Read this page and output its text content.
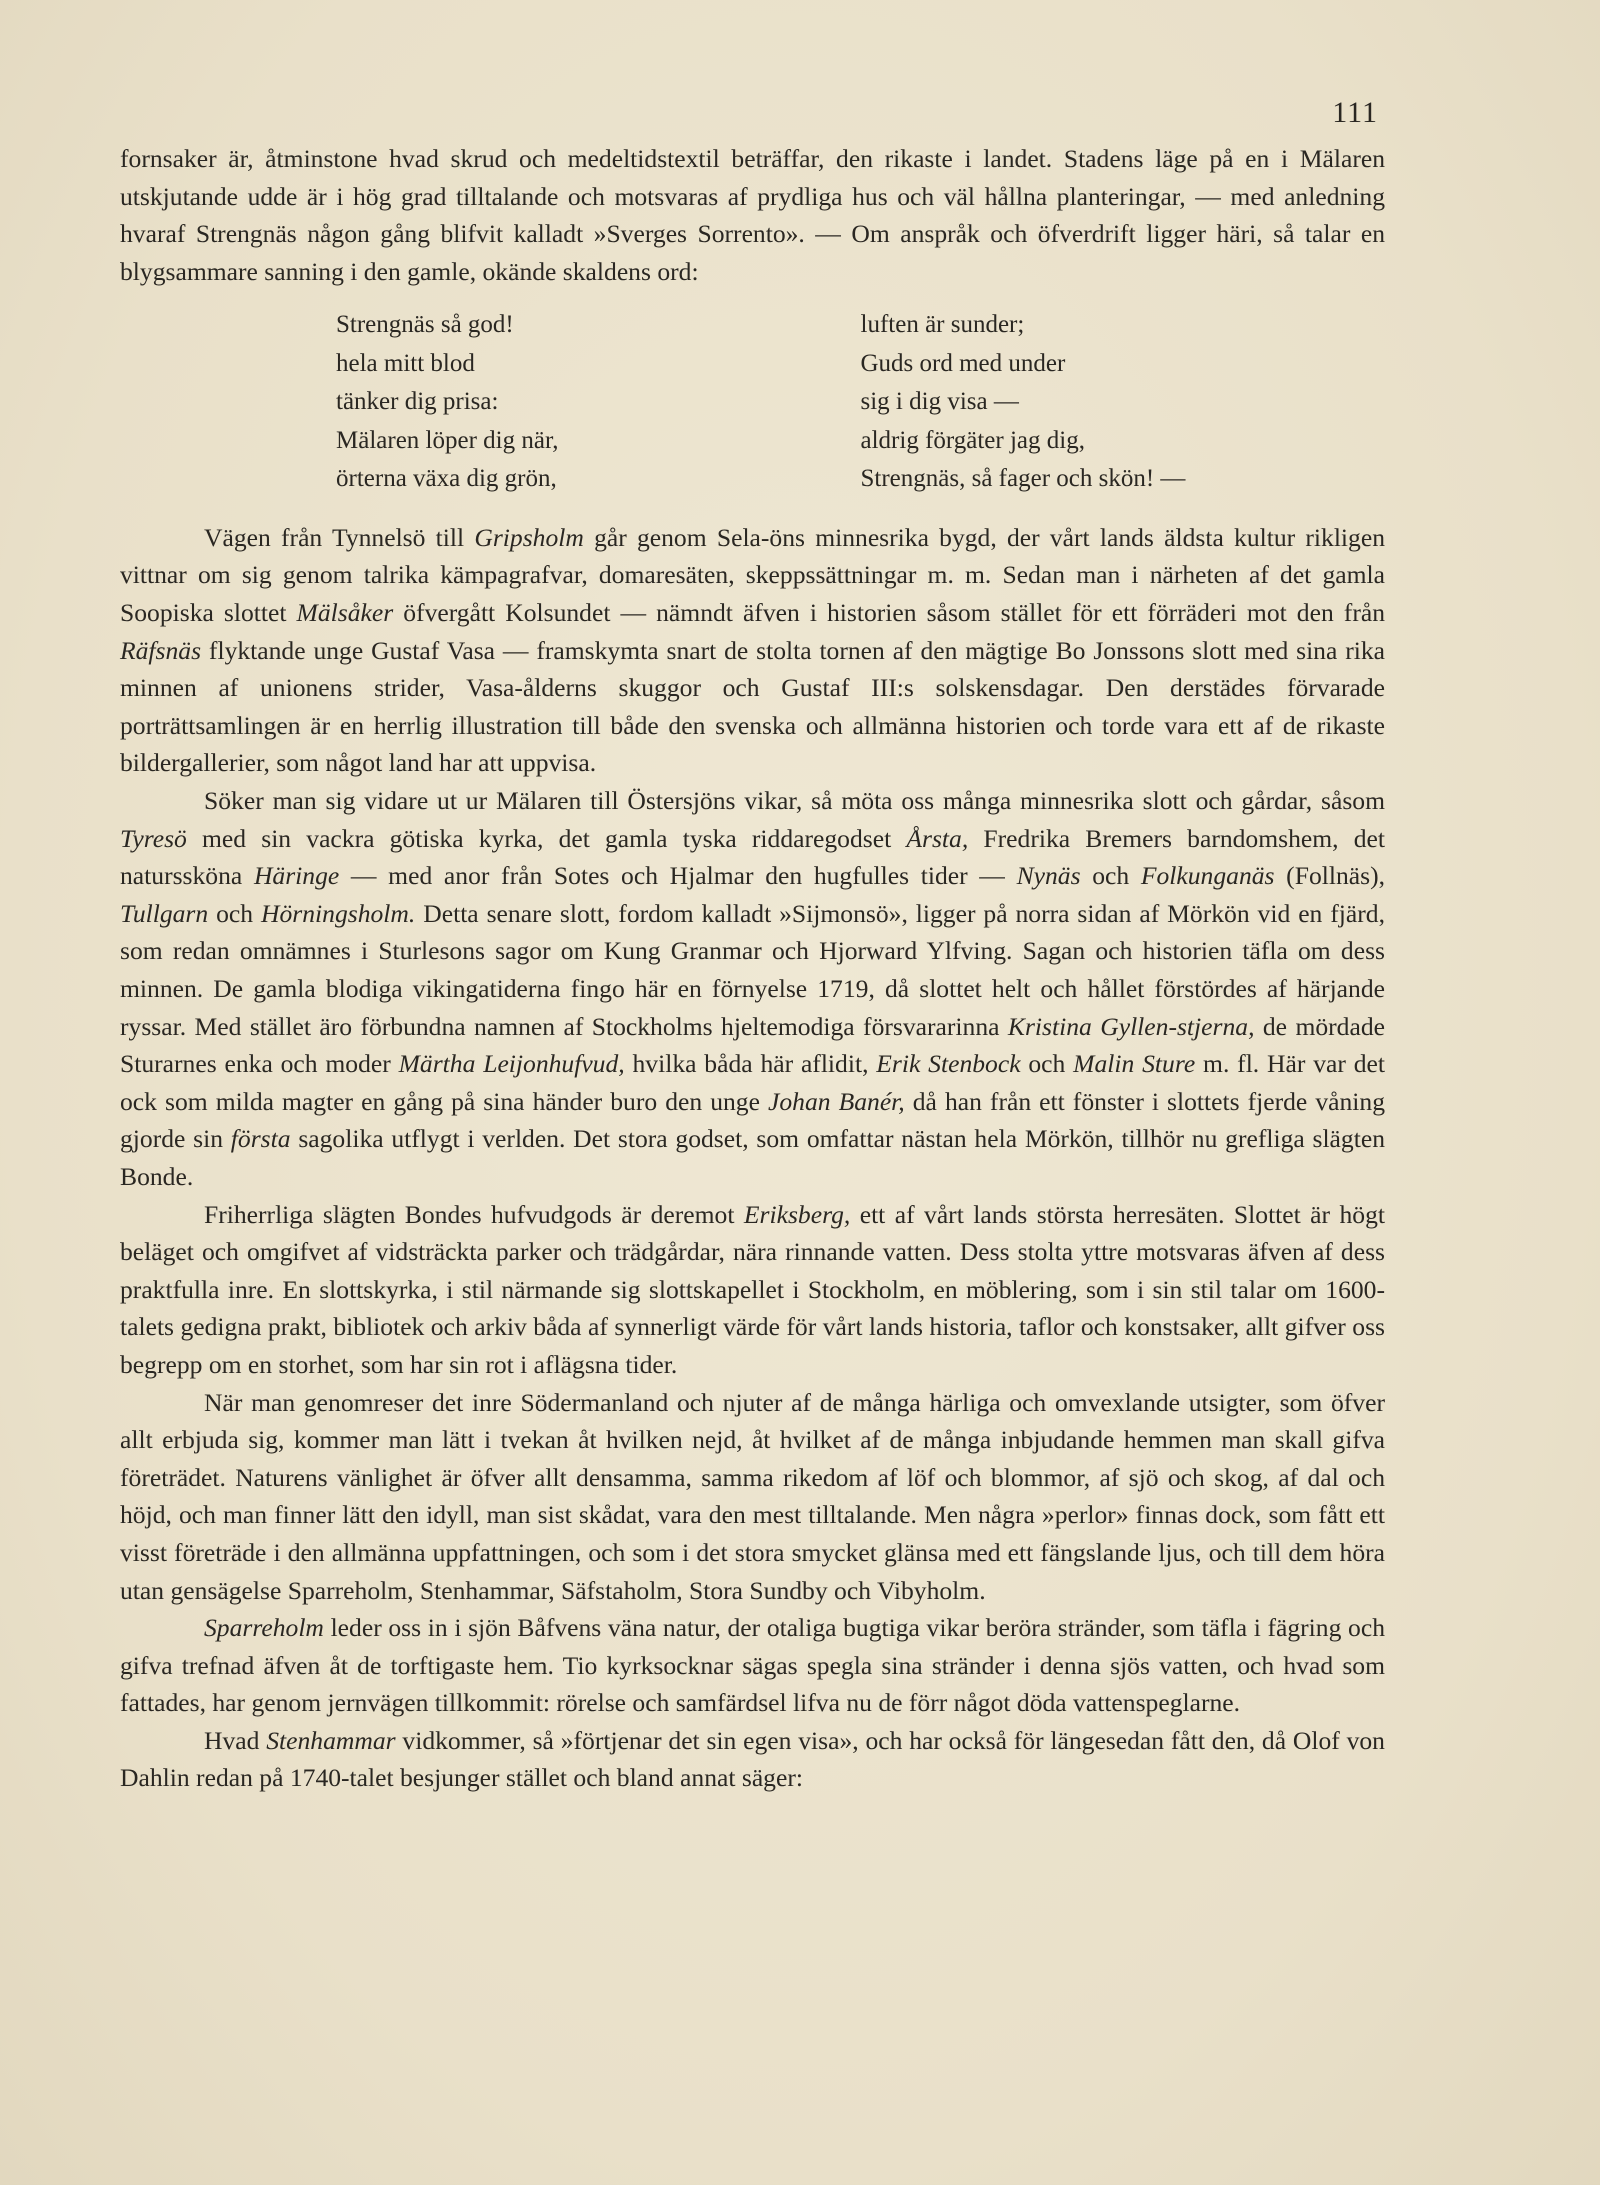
111

fornsaker är, åtminstone hvad skrud och medeltidstextil beträffar, den rikaste i landet. Stadens läge på en i Mälaren utskjutande udde är i hög grad tilltalande och motsvaras af prydliga hus och väl hållna planteringar, — med anledning hvaraf Strengnäs någon gång blifvit kalladt »Sverges Sorrento». — Om anspråk och öfverdrift ligger häri, så talar en blygsammare sanning i den gamle, okände skaldens ord:

Strengnäs så god!
hela mitt blod
tänker dig prisa:
Mälaren löper dig när,
örterna växa dig grön,
luften är sunder;
Guds ord med under
sig i dig visa —
aldrig förgäter jag dig,
Strengnäs, så fager och skön! —

Vägen från Tynnelsö till Gripsholm går genom Sela-öns minnesrika bygd, der vårt lands äldsta kultur rikligen vittnar om sig genom talrika kämpagrafvar, domaresäten, skeppssättningar m. m. Sedan man i närheten af det gamla Soopiska slottet Mälsåker öfvergått Kolsundet — nämndt äfven i historien såsom stället för ett förräderi mot den från Räfsnäs flyktande unge Gustaf Vasa — framskymta snart de stolta tornen af den mägtige Bo Jonssons slott med sina rika minnen af unionens strider, Vasa-ålderns skuggor och Gustaf III:s solskensdagar. Den derstädes förvarade porträttsamlingen är en herrlig illustration till både den svenska och allmänna historien och torde vara ett af de rikaste bildergallerier, som något land har att uppvisa.

Söker man sig vidare ut ur Mälaren till Östersjöns vikar, så möta oss många minnesrika slott och gårdar, såsom Tyresö med sin vackra götiska kyrka, det gamla tyska riddaregodset Årsta, Fredrika Bremers barndomshem, det naturssköna Häringe — med anor från Sotes och Hjalmar den hugfulles tider — Nynäs och Folkunganäs (Follnäs), Tullgarn och Hörningsholm. Detta senare slott, fordom kalladt »Sijmonsö», ligger på norra sidan af Mörkön vid en fjärd, som redan omnämnes i Sturlesons sagor om Kung Granmar och Hjorward Ylfving. Sagan och historien täfla om dess minnen. De gamla blodiga vikingatiderna fingo här en förnyelse 1719, då slottet helt och hållet förstördes af härjande ryssar. Med stället äro förbundna namnen af Stockholms hjeltemodiga försvararinna Kristina Gyllen-stjerna, de mördade Sturarnes enka och moder Märtha Leijonhufvud, hvilka båda här aflidit, Erik Stenbock och Malin Sture m. fl. Här var det ock som milda magter en gång på sina händer buro den unge Johan Banér, då han från ett fönster i slottets fjerde våning gjorde sin första sagolika utflygt i verlden. Det stora godset, som omfattar nästan hela Mörkön, tillhör nu grefliga slägten Bonde.

Friherrliga slägten Bondes hufvudgods är deremot Eriksberg, ett af vårt lands största herresäten. Slottet är högt beläget och omgifvet af vidsträckta parker och trädgårdar, nära rinnande vatten. Dess stolta yttre motsvaras äfven af dess praktfulla inre. En slottskyrka, i stil närmande sig slottskapellet i Stockholm, en möblering, som i sin stil talar om 1600-talets gedigna prakt, bibliotek och arkiv båda af synnerligt värde för vårt lands historia, taflor och konstsaker, allt gifver oss begrepp om en storhet, som har sin rot i aflägsna tider.

När man genomreser det inre Södermanland och njuter af de många härliga och omvexlande utsigter, som öfver allt erbjuda sig, kommer man lätt i tvekan åt hvilken nejd, åt hvilket af de många inbjudande hemmen man skall gifva företrädet. Naturens vänlighet är öfver allt densamma, samma rikedom af löf och blommor, af sjö och skog, af dal och höjd, och man finner lätt den idyll, man sist skådat, vara den mest tilltalande. Men några »perlor» finnas dock, som fått ett visst företräde i den allmänna uppfattningen, och som i det stora smycket glänsa med ett fängslande ljus, och till dem höra utan gensägelse Sparreholm, Stenhammar, Säfstaholm, Stora Sundby och Vibyholm.

Sparreholm leder oss in i sjön Båfvens väna natur, der otaliga bugtiga vikar beröra stränder, som täfla i fägring och gifva trefnad äfven åt de torftigaste hem. Tio kyrksocknar sägas spegla sina stränder i denna sjös vatten, och hvad som fattades, har genom jernvägen tillkommit: rörelse och samfärdsel lifva nu de förr något döda vattenspeglarne.

Hvad Stenhammar vidkommer, så »förtjenar det sin egen visa», och har också för längesedan fått den, då Olof von Dahlin redan på 1740-talet besjunger stället och bland annat säger:
